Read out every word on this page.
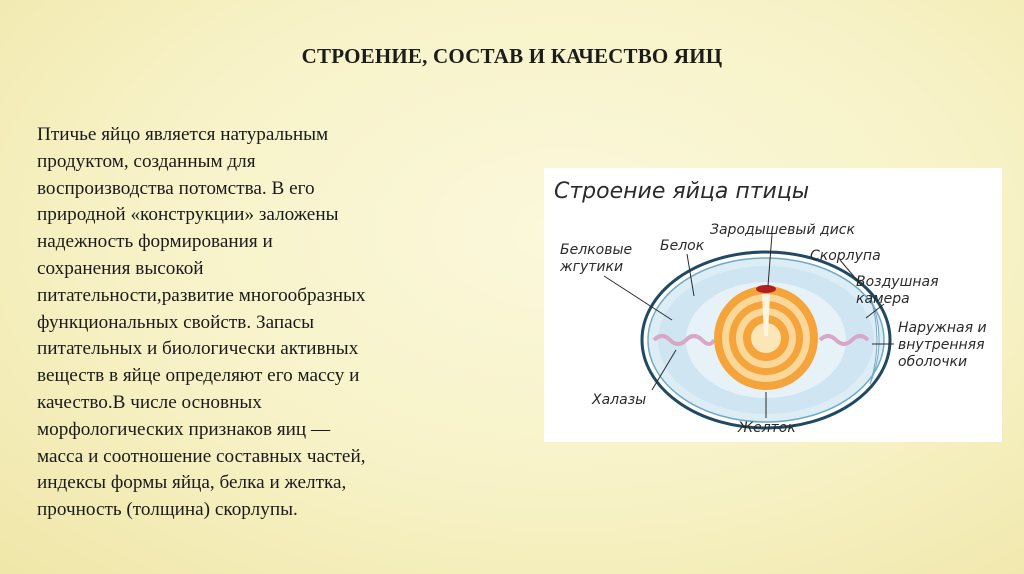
СТРОЕНИЕ, СОСТАВ И КАЧЕСТВО ЯИЦ
Птичье яйцо является натуральным
продуктом, созданным для
воспроизводства потомства. В его
природной «конструкции» заложены
надежность формирования и
сохранения высокой
питательности,развитие многообразных
функциональных свойств. Запасы
питательных и биологически активных
веществ в яйце определяют его массу и
качество.В числе основных
морфологических признаков яиц —
масса и соотношение составных частей,
индексы формы яйца, белка и желтка,
прочность (толщина) скорлупы.
Строение яйца птицы
Белковые
жгутики
Белок
Зародышевый диск
Скорлупа
Воздушная
камера
Наружная и
внутренняя
оболочки
Халазы
Желток
